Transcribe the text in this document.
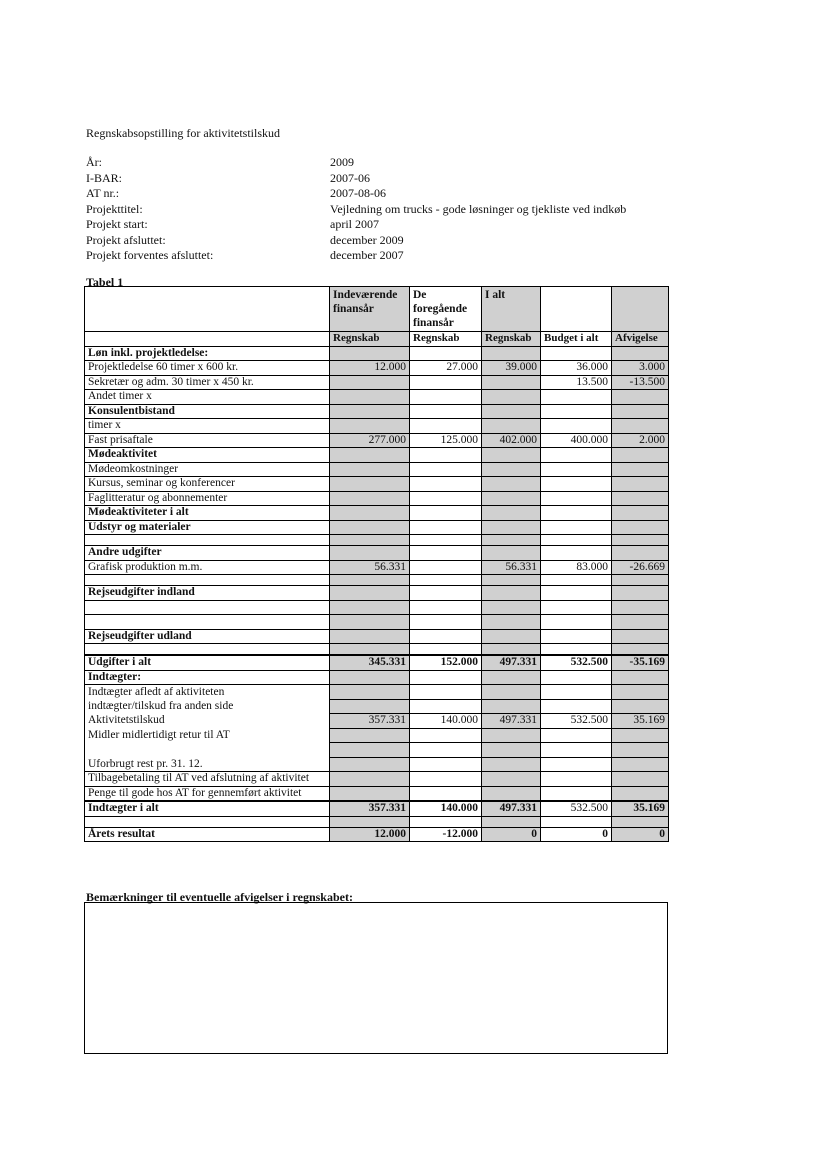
Regnskabsopstilling for aktivitetstilskud
År:	2009
I-BAR:	2007-06
AT nr.:	2007-08-06
Projekttitel:	Vejledning om trucks - gode løsninger og tjekliste ved indkøb
Projekt start:	april 2007
Projekt afsluttet:	december 2009
Projekt forventes afsluttet:	december 2007
Tabel 1
	Indeværende finansår	De foregående finansår	I alt		
	Regnskab	Regnskab	Regnskab	Budget i alt	Afvigelse
Løn inkl. projektledelse:					
Projektledelse 60 timer x 600 kr.	12.000	27.000	39.000	36.000	3.000
Sekretær og adm. 30 timer x 450 kr.				13.500	-13.500
Andet timer x					
Konsulentbistand					
timer x					
Fast prisaftale	277.000	125.000	402.000	400.000	2.000
Mødeaktivitet					
Mødeomkostninger					
Kursus, seminar og konferencer					
Faglitteratur og abonnementer					
Mødeaktiviteter i alt					
Udstyr og materialer					

Andre udgifter					
Grafisk produktion m.m.	56.331		56.331	83.000	-26.669

Rejseudgifter indland					

Rejseudgifter udland					

Udgifter i alt	345.331	152.000	497.331	532.500	-35.169
Indtægter:					
Indtægter afledt af aktiviteten					
indtægter/tilskud fra anden side					
Aktivitetstilskud	357.331	140.000	497.331	532.500	35.169
Midler midlertidigt retur til AT					

Uforbrugt rest pr. 31. 12.					
Tilbagebetaling til AT ved afslutning af aktivitet					
Penge til gode hos AT for gennemført aktivitet					
Indtægter i alt	357.331	140.000	497.331	532.500	35.169

Årets resultat	12.000	-12.000	0	0	0
Bemærkninger til eventuelle afvigelser i regnskabet:
